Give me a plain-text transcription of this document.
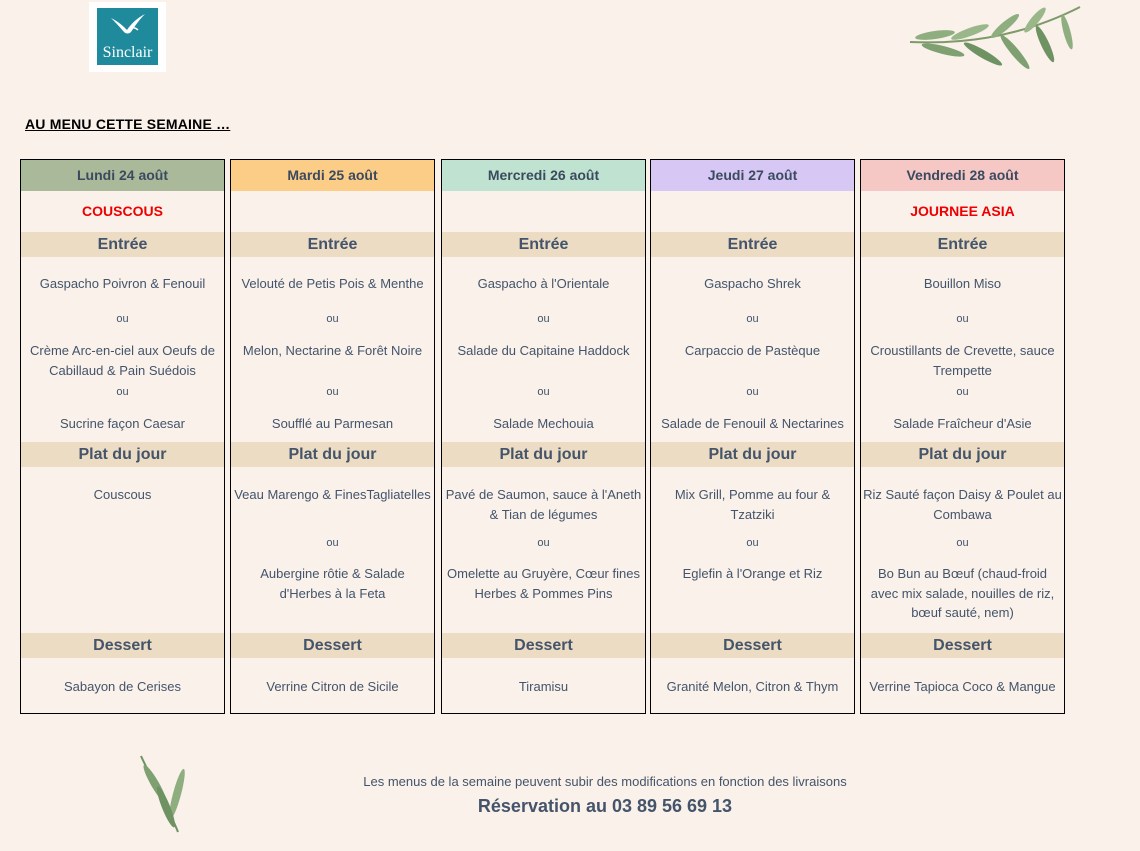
Sinclair
AU MENU CETTE SEMAINE …
Lundi 24 août
COUSCOUS
Entrée
Gaspacho Poivron & Fenouil
ou
Crème Arc-en-ciel aux Oeufs de Cabillaud & Pain Suédois
ou
Sucrine façon Caesar
Plat du jour
Couscous
Dessert
Sabayon de Cerises
Mardi 25 août
Entrée
Velouté de Petis Pois & Menthe
ou
Melon, Nectarine & Forêt Noire
ou
Soufflé au Parmesan
Plat du jour
Veau Marengo & FinesTagliatelles
ou
Aubergine rôtie & Salade d'Herbes à la Feta
Dessert
Verrine Citron de Sicile
Mercredi 26 août
Entrée
Gaspacho à l'Orientale
ou
Salade du Capitaine Haddock
ou
Salade Mechouia
Plat du jour
Pavé de Saumon, sauce à l'Aneth & Tian de légumes
ou
Omelette au Gruyère, Cœur fines Herbes & Pommes Pins
Dessert
Tiramisu
Jeudi 27 août
Entrée
Gaspacho Shrek
ou
Carpaccio de Pastèque
ou
Salade de Fenouil & Nectarines
Plat du jour
Mix Grill, Pomme au four & Tzatziki
ou
Eglefin à l'Orange et Riz
Dessert
Granité Melon, Citron & Thym
Vendredi 28 août
JOURNEE ASIA
Entrée
Bouillon Miso
ou
Croustillants de Crevette, sauce Trempette
ou
Salade Fraîcheur d'Asie
Plat du jour
Riz Sauté façon Daisy & Poulet au Combawa
ou
Bo Bun au Bœuf (chaud-froid avec mix salade, nouilles de riz, bœuf sauté, nem)
Dessert
Verrine Tapioca Coco & Mangue
Les menus de la semaine peuvent subir des modifications en fonction des livraisons
Réservation au 03 89 56 69 13
